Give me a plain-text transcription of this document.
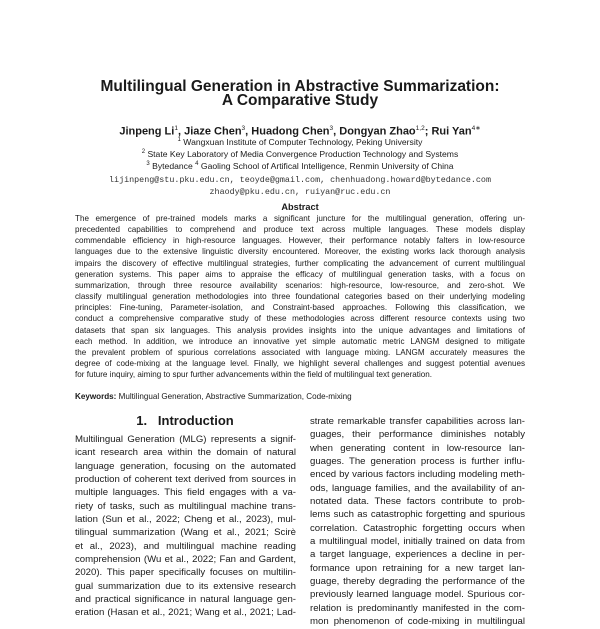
Multilingual Generation in Abstractive Summarization:
A Comparative Study
Jinpeng Li$^1$, Jiaze Chen$^3$, Huadong Chen$^3$, Dongyan Zhao$^{1,2}$; Rui Yan$^{4∗}$
$^1$ Wangxuan Institute of Computer Technology, Peking University
$^2$ State Key Laboratory of Media Convergence Production Technology and Systems
$^3$ Bytedance $^4$ Gaoling School of Artifical Intelligence, Renmin University of China
lijinpeng@stu.pku.edu.cn, teoyde@gmail.com, chenhuadong.howard@bytedance.com
zhaody@pku.edu.cn, ruiyan@ruc.edu.cn
Abstract
The emergence of pre-trained models marks a significant juncture for the multilingual generation, offering un-
precedented capabilities to comprehend and produce text across multiple languages. These models display
commendable efficiency in high-resource languages. However, their performance notably falters in low-resource
languages due to the extensive linguistic diversity encountered. Moreover, the existing works lack thorough analysis
impairs the discovery of effective multilingual strategies, further complicating the advancement of current multilingual
generation systems. This paper aims to appraise the efficacy of multilingual generation tasks, with a focus on
summarization, through three resource availability scenarios: high-resource, low-resource, and zero-shot. We
classify multilingual generation methodologies into three foundational categories based on their underlying modeling
principles: Fine-tuning, Parameter-isolation, and Constraint-based approaches. Following this classification, we
conduct a comprehensive comparative study of these methodologies across different resource contexts using two
datasets that span six languages. This analysis provides insights into the unique advantages and limitations of
each method. In addition, we introduce an innovative yet simple automatic metric LANGM designed to mitigate
the prevalent problem of spurious correlations associated with language mixing. LANGM accurately measures the
degree of code-mixing at the language level. Finally, we highlight several challenges and suggest potential avenues
for future inquiry, aiming to spur further advancements within the field of multilingual text generation.
Keywords: Multilingual Generation, Abstractive Summarization, Code-mixing
1. Introduction
Multilingual Generation (MLG) represents a signif-
icant research area within the domain of natural
language generation, focusing on the automated
production of coherent text derived from sources in
multiple languages. This field engages with a va-
riety of tasks, such as multilingual machine trans-
lation (Sun et al., 2022; Cheng et al., 2023), mul-
tilingual summarization (Wang et al., 2021; Scirè
et al., 2023), and multilingual machine reading
comprehension (Wu et al., 2022; Fan and Gardent,
2020). This paper specifically focuses on multilin-
gual summarization due to its extensive research
and practical significance in natural language gen-
eration (Hasan et al., 2021; Wang et al., 2021; Lad-
strate remarkable transfer capabilities across lan-
guages, their performance diminishes notably
when generating content in low-resource lan-
guages. The generation process is further influ-
enced by various factors including modeling meth-
ods, language families, and the availability of an-
notated data. These factors contribute to prob-
lems such as catastrophic forgetting and spurious
correlation. Catastrophic forgetting occurs when
a multilingual model, initially trained on data from
a target language, experiences a decline in per-
formance upon retraining for a new target lan-
guage, thereby degrading the performance of the
previously learned language model. Spurious cor-
relation is predominantly manifested in the com-
mon phenomenon of code-mixing in multilingual
